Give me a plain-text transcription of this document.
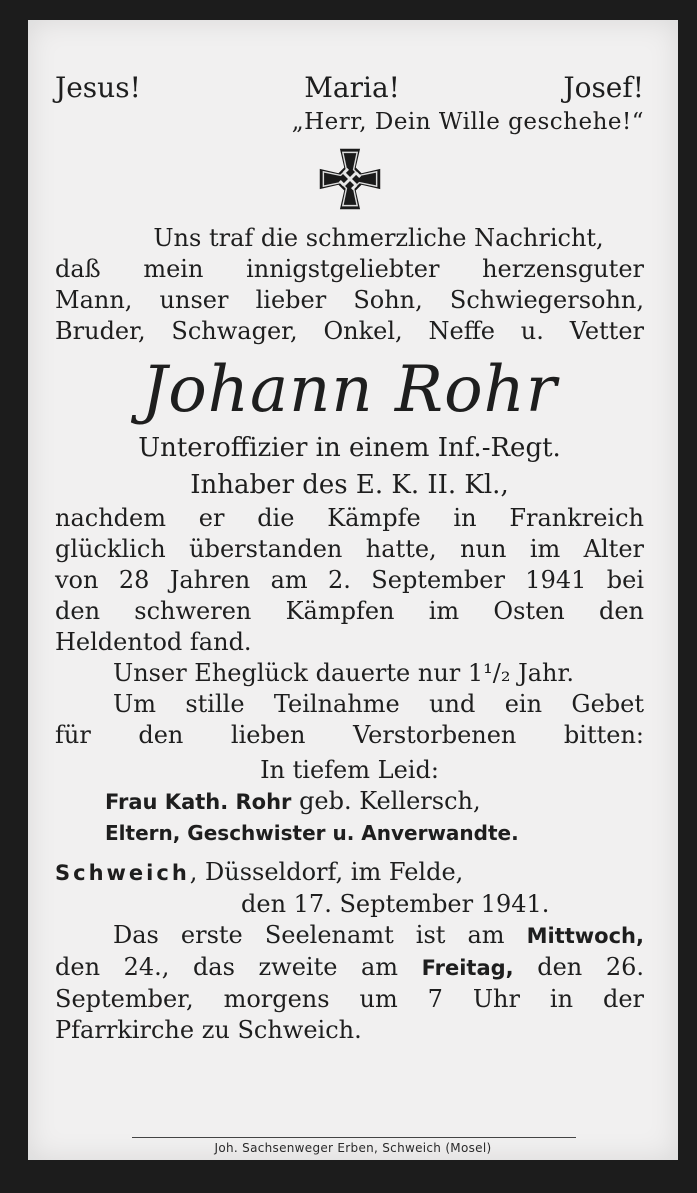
Jesus!	Maria!	Josef!
„Herr, Dein Wille geschehe!“
Uns traf die schmerzliche Nachricht,
daß mein innigstgeliebter herzensguter
Mann, unser lieber Sohn, Schwiegersohn,
Bruder, Schwager, Onkel, Neffe u. Vetter
Johann Rohr
Unteroffizier in einem Inf.-Regt.
Inhaber des E. K. II. Kl.,
nachdem er die Kämpfe in Frankreich
glücklich überstanden hatte, nun im Alter
von 28 Jahren am 2. September 1941 bei
den schweren Kämpfen im Osten den
Heldentod fand.
Unser Eheglück dauerte nur 1¹/₂ Jahr.
Um stille Teilnahme und ein Gebet
für den lieben Verstorbenen bitten:
In tiefem Leid:
Frau Kath. Rohr geb. Kellersch,
Eltern, Geschwister u. Anverwandte.
Schweich, Düsseldorf, im Felde,
den 17. September 1941.
Das erste Seelenamt ist am Mittwoch,
den 24., das zweite am Freitag, den 26.
September, morgens um 7 Uhr in der
Pfarrkirche zu Schweich.
Joh. Sachsenweger Erben, Schweich (Mosel)
